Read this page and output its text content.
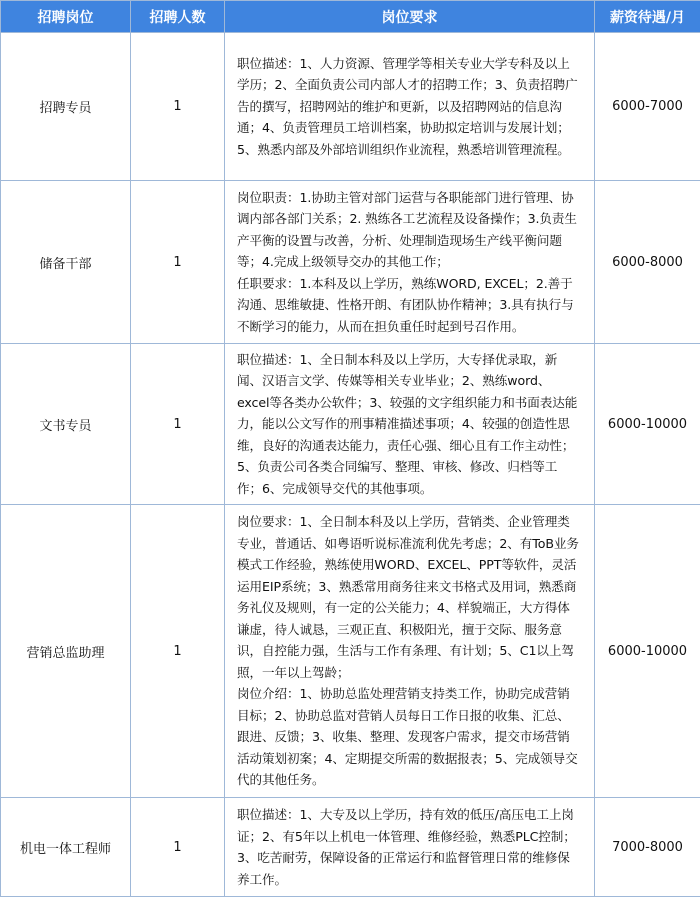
招聘岗位	招聘人数	岗位要求	薪资待遇/月
招聘专员	1	职位描述：1、人力资源、管理学等相关专业大学专科及以上学历；2、全面负责公司内部人才的招聘工作；3、负责招聘广告的撰写，招聘网站的维护和更新，以及招聘网站的信息沟通；4、负责管理员工培训档案，协助拟定培训与发展计划；5、熟悉内部及外部培训组织作业流程，熟悉培训管理流程。	6000-7000
储备干部	1	岗位职责：1.协助主管对部门运营与各职能部门进行管理、协调内部各部门关系；2. 熟练各工艺流程及设备操作；3.负责生产平衡的设置与改善，分析、处理制造现场生产线平衡问题等；4.完成上级领导交办的其他工作；

任职要求：1.本科及以上学历，熟练WORD, EXCEL；2.善于沟通、思维敏捷、性格开朗、有团队协作精神；3.具有执行与不断学习的能力，从而在担负重任时起到号召作用。	6000-8000
文书专员	1	职位描述：1、全日制本科及以上学历，大专择优录取，新闻、汉语言文学、传媒等相关专业毕业；2、熟练word、excel等各类办公软件；3、较强的文字组织能力和书面表达能力，能以公文写作的刑事精准描述事项；4、较强的创造性思维，良好的沟通表达能力，责任心强、细心且有工作主动性；5、负责公司各类合同编写、整理、审核、修改、归档等工作；6、完成领导交代的其他事项。	6000-10000
营销总监助理	1	岗位要求：1、全日制本科及以上学历，营销类、企业管理类专业，普通话、如粤语听说标准流利优先考虑；2、有ToB业务模式工作经验，熟练使用WORD、EXCEL、PPT等软件，灵活运用EIP系统；3、熟悉常用商务往来文书格式及用词，熟悉商务礼仪及规则，有一定的公关能力；4、样貌端正，大方得体谦虚，待人诚恳，三观正直、积极阳光，擅于交际、服务意识，自控能力强，生活与工作有条理、有计划；5、C1以上驾照，一年以上驾龄；

岗位介绍：1、协助总监处理营销支持类工作，协助完成营销目标；2、协助总监对营销人员每日工作日报的收集、汇总、跟进、反馈；3、收集、整理、发现客户需求，提交市场营销活动策划初案；4、定期提交所需的数据报表；5、完成领导交代的其他任务。	6000-10000
机电一体工程师	1	职位描述：1、大专及以上学历，持有效的低压/高压电工上岗证；2、有5年以上机电一体管理、维修经验，熟悉PLC控制；3、吃苦耐劳，保障设备的正常运行和监督管理日常的维修保养工作。	7000-8000
